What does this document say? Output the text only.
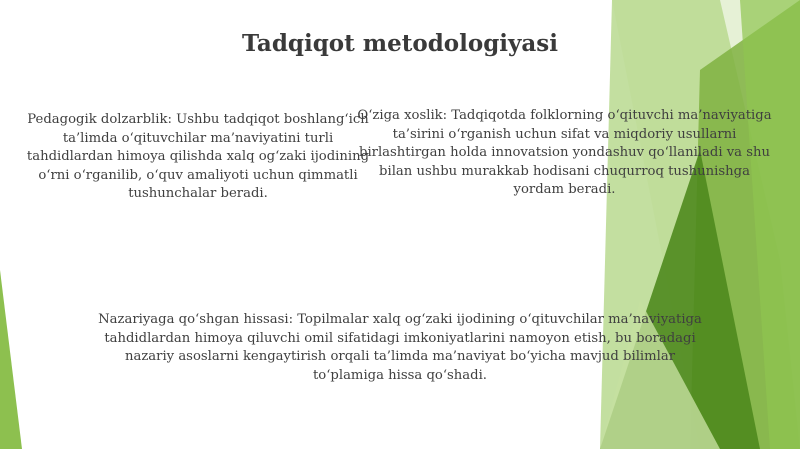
Tadqiqot metodologiyasi
Pedagogik dolzarblik: Ushbu tadqiqot boshlang‘ich ta’limda o‘qituvchilar ma’naviyatini turli tahdidlardan himoya qilishda xalq og‘zaki ijodining o‘rni o‘rganilib, o‘quv amaliyoti uchun qimmatli tushunchalar beradi.
O‘ziga xoslik: Tadqiqotda folklorning o‘qituvchi ma’naviyatiga ta’sirini o‘rganish uchun sifat va miqdoriy usullarni birlashtirgan holda innovatsion yondashuv qo‘llaniladi va shu bilan ushbu murakkab hodisani chuqurroq tushunishga yordam beradi.
Nazariyaga qo‘shgan hissasi: Topilmalar xalq og‘zaki ijodining o‘qituvchilar ma’naviyatiga tahdidlardan himoya qiluvchi omil sifatidagi imkoniyatlarini namoyon etish, bu boradagi nazariy asoslarni kengaytirish orqali ta’limda ma’naviyat bo‘yicha mavjud bilimlar to‘plamiga hissa qo‘shadi.
